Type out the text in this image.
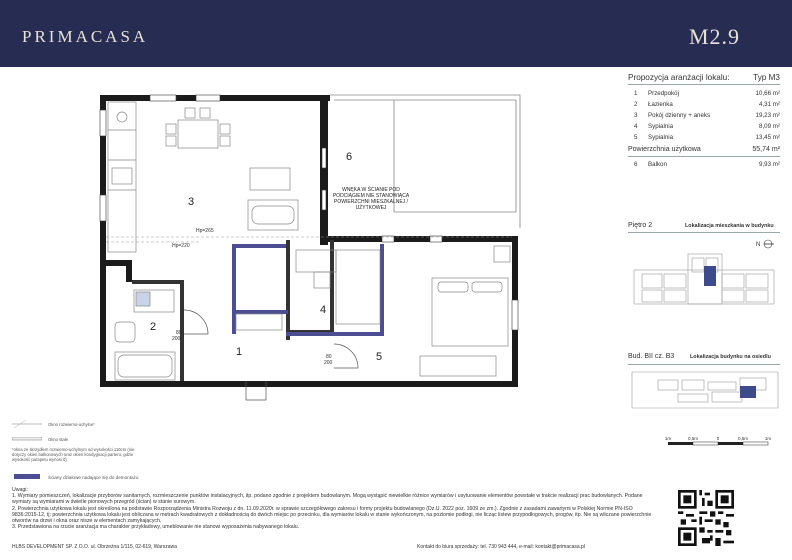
PRIMACASA	M2.9
3
2
1
4
5
6
Hp=265
Hp=220
80
200
80
200
WNĘKA W ŚCIANIE POD
PODCIĄGIEM NIE STANOWIĄCA
POWIERZCHNI MIESZKALNEJ /
UŻYTKOWEJ
Propozycja aranżacji lokalu:	Typ M3
1 Przedpokój	10,66 m²
2 Łazienka	4,31 m²
3 Pokój dzienny + aneks	19,23 m²
4 Sypialnia	8,09 m²
5 Sypialnia	13,45 m²
Powierzchnia użytkowa	55,74 m²
6 Balkon	9,93 m²
Piętro 2	Lokalizacja mieszkania w budynku
N
Bud. BII cz. B3	Lokalizacja budynku na osiedlu
1m	0,5m	0	0,5m	1m
Okno rozwierno-uchylne*
Okno stałe
*okna ze skrzydłem rozwierno-uchylnym od wysokości 110cm (nie dotyczy okien balkonowych oraz okien kondygnacji parteru, gdzie wysokość parapetu wynosi 0)
Ściany działowe nadające się do demontażu
Uwagi:
1. Wymiary pomieszczeń, lokalizacje przyborów sanitarnych, rozmieszczenie punktów instalacyjnych, itp. podano zgodnie z projektem budowlanym. Mogą wystąpić niewielkie różnice wymiarów i usytuowanie elementów powstałe w trakcie realizacji prac budowlanych. Podane wymiary są wymiarami w świetle pionowych przegród (ścian) w stanie surowym.
2. Powierzchnia użytkowa lokalu jest określona na podstawie Rozporządzenia Ministra Rozwoju z dn. 11.09.2020r. w sprawie szczegółowego zakresu i formy projektu budowlanego (Dz.U. 2022 poz. 1609 ze zm.). Zgodnie z zasadami zawartymi w Polskiej Normie PN-ISO 9836:2015-12, tj: powierzchnia użytkowa lokalu jest obliczana w metrach kwadratowych z dokładnością do dwóch miejsc po przecinku, dla wymiarów lokalu w stanie wykończonym, na poziomie podłogi, nie licząc listew przypodłogowych, progów, itp. Nie są wliczane powierzchnie otworów na drzwi i okna oraz nisze w elementach zamykających.
3. Przedstawiona na rzucie aranżacja ma charakter przykładowy, umeblowanie nie stanowi wyposażenia nabywanego lokalu.
HLBS DEVELOPMENT SP. Z O.O. ul. Obrzeżna 1/115, 02-619, Warszawa	Kontakt do biura sprzedaży: tel. 730 943 444, e-mail: kontakt@primacasa.pl
